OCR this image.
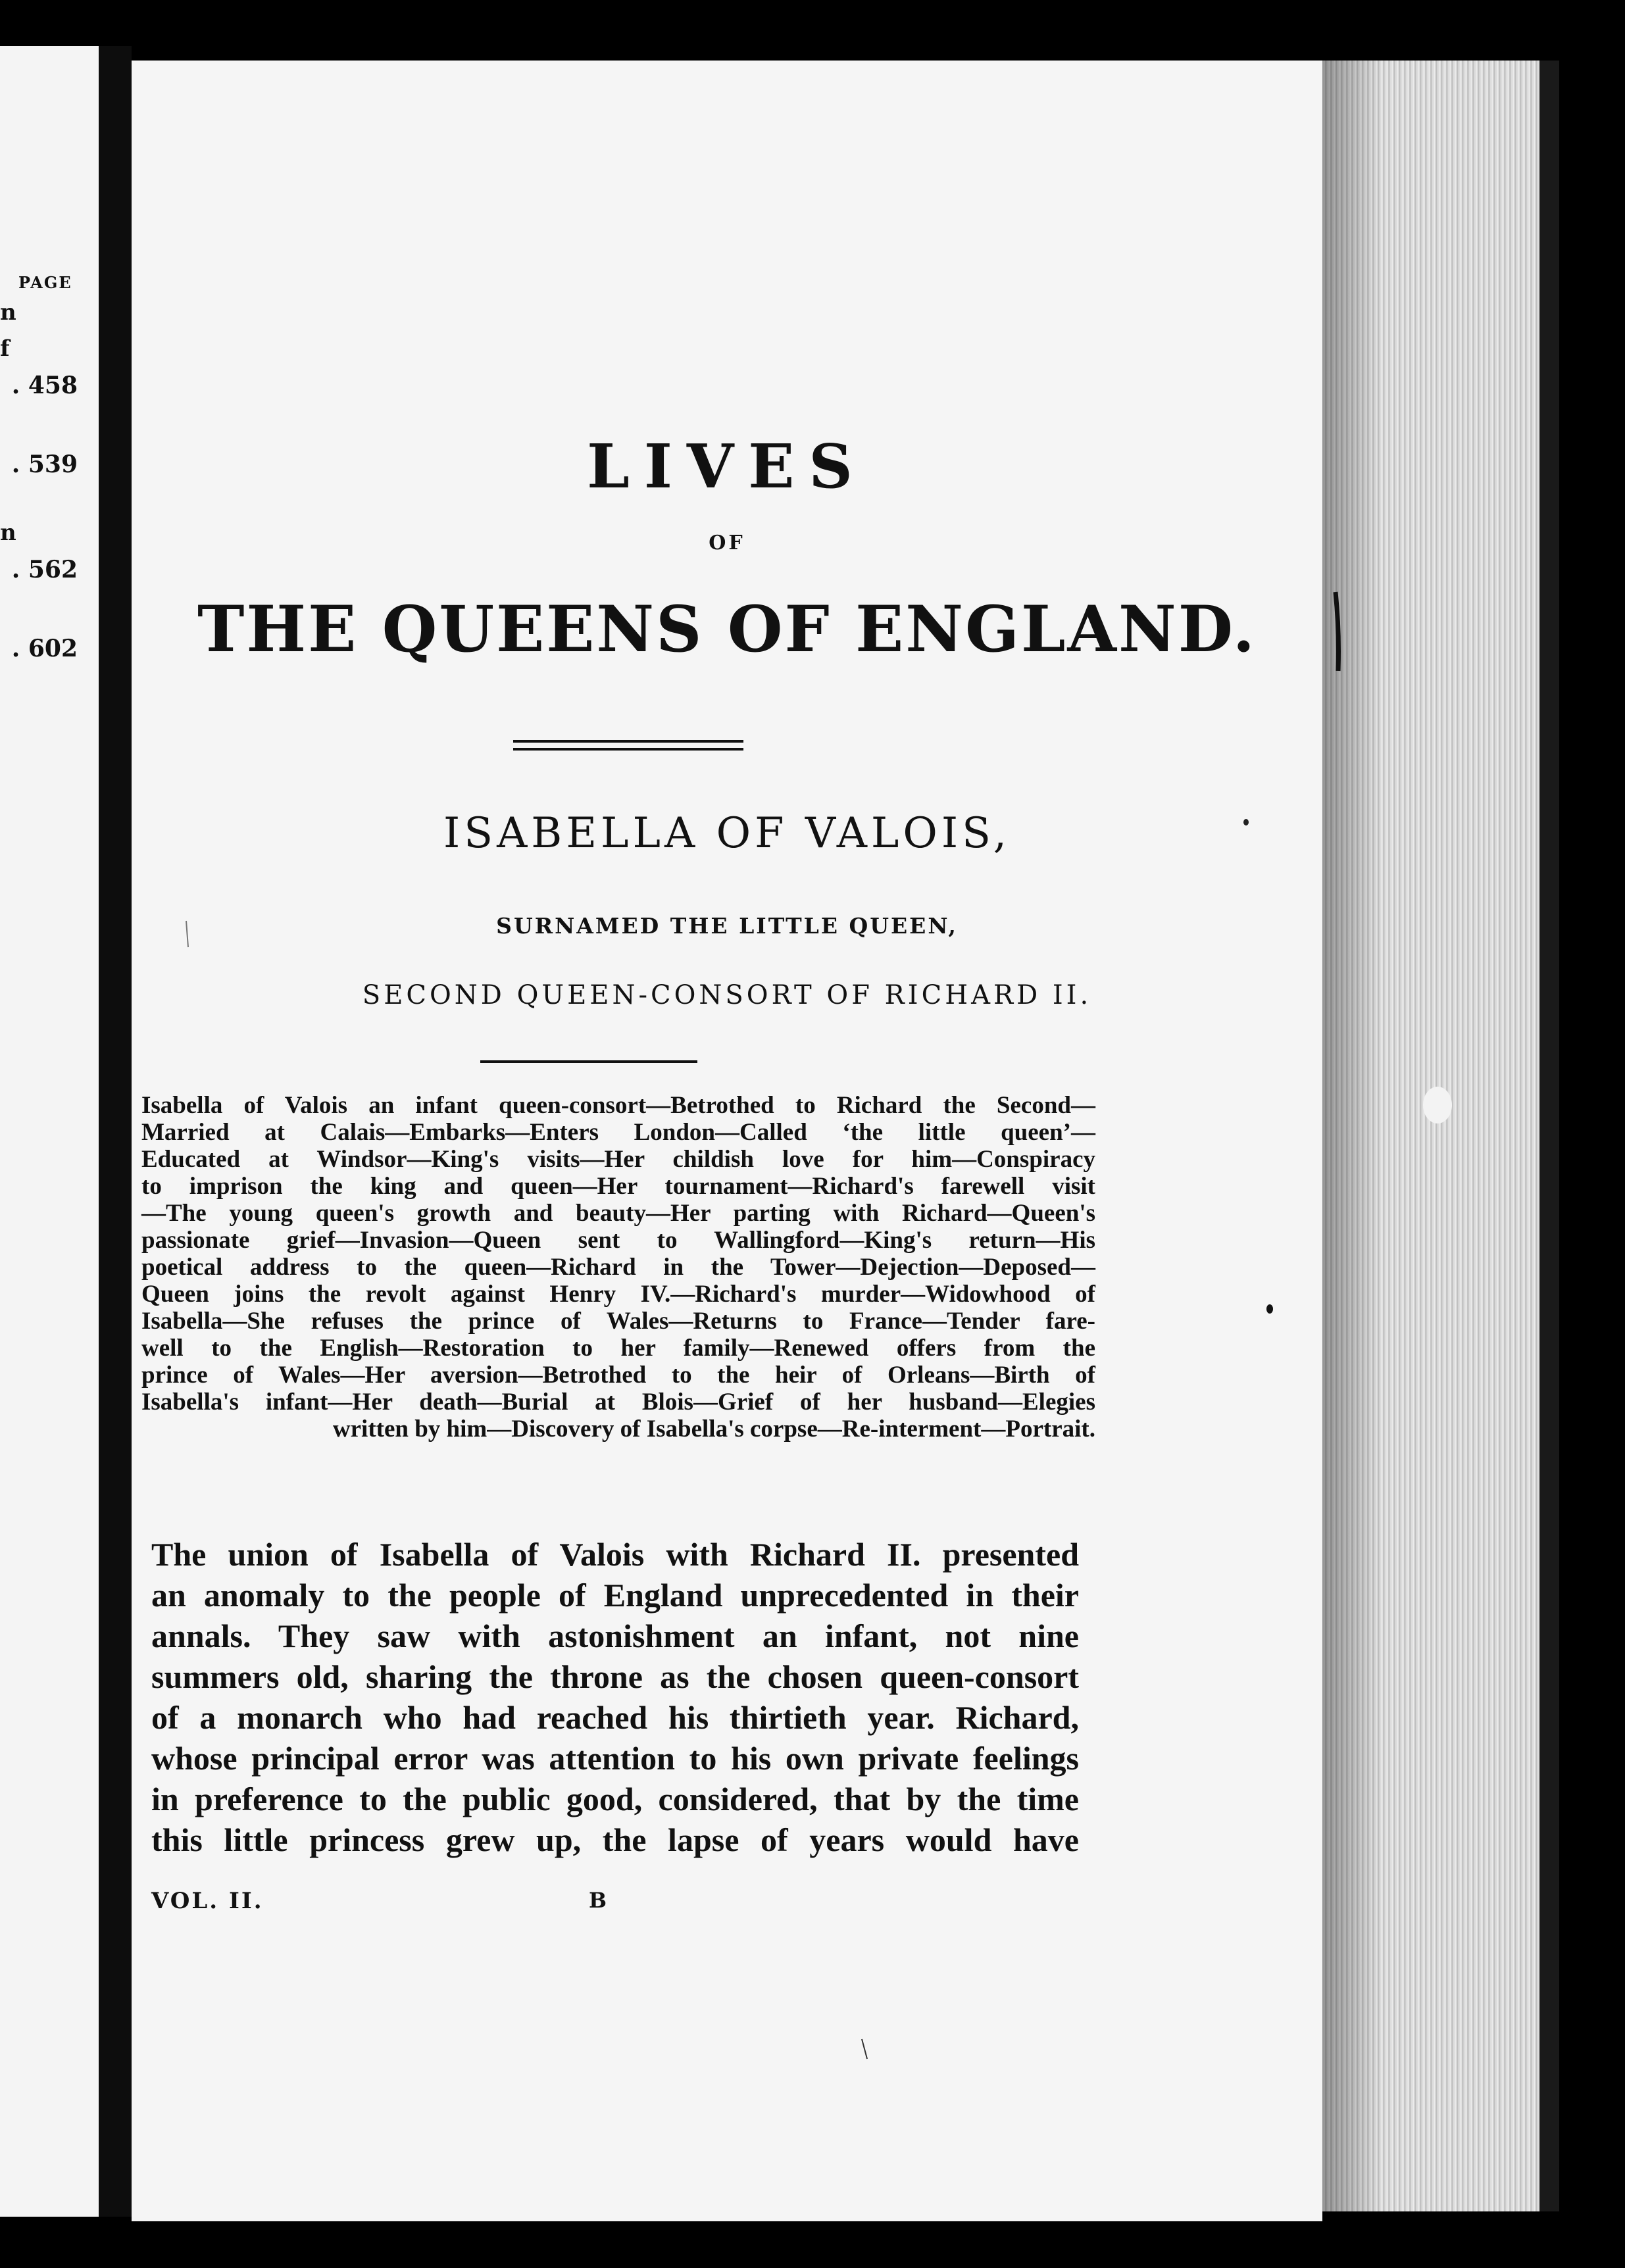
PAGE
n
f
. 458
. 539
n
. 562
. 602
LIVES
OF
THE QUEENS OF ENGLAND.
ISABELLA OF VALOIS,
SURNAMED THE LITTLE QUEEN,
SECOND QUEEN-CONSORT OF RICHARD II.
Isabella of Valois an infant queen-consort—Betrothed to Richard the Second—
Married at Calais—Embarks—Enters London—Called ‘the little queen’—
Educated at Windsor—King's visits—Her childish love for him—Conspiracy
to imprison the king and queen—Her tournament—Richard's farewell visit
—The young queen's growth and beauty—Her parting with Richard—Queen's
passionate grief—Invasion—Queen sent to Wallingford—King's return—His
poetical address to the queen—Richard in the Tower—Dejection—Deposed—
Queen joins the revolt against Henry IV.—Richard's murder—Widowhood of
Isabella—She refuses the prince of Wales—Returns to France—Tender fare-
well to the English—Restoration to her family—Renewed offers from the
prince of Wales—Her aversion—Betrothed to the heir of Orleans—Birth of
Isabella's infant—Her death—Burial at Blois—Grief of her husband—Elegies
written by him—Discovery of Isabella's corpse—Re-interment—Portrait.
The union of Isabella of Valois with Richard II. presented
an anomaly to the people of England unprecedented in their
annals. They saw with astonishment an infant, not nine
summers old, sharing the throne as the chosen queen-consort
of a monarch who had reached his thirtieth year. Richard,
whose principal error was attention to his own private feelings
in preference to the public good, considered, that by the time
this little princess grew up, the lapse of years would have
VOL. II.	B
